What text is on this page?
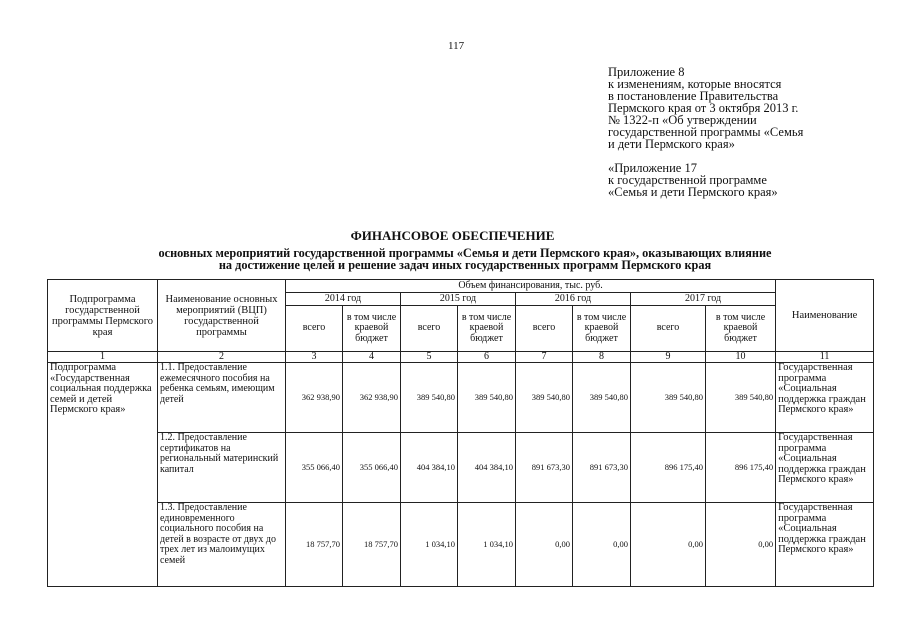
117
Приложение 8
к изменениям, которые вносятся
в постановление Правительства
Пермского края от 3 октября 2013 г.
№ 1322-п «Об утверждении
государственной программы «Семья
и дети Пермского края»
«Приложение 17
к государственной программе
«Семья и дети Пермского края»
ФИНАНСОВОЕ ОБЕСПЕЧЕНИЕ
основных мероприятий государственной программы «Семья и дети Пермского края», оказывающих влияние
на достижение целей и решение задач иных государственных программ Пермского края
Подпрограмма государственной программы Пермского края	Наименование основных мероприятий (ВЦП) государственной программы	Объем финансирования, тыс. руб.								Наименование
		2014 год		2015 год		2016 год		2017 год		
		всего	в том числе краевой бюджет	всего	в том числе краевой бюджет	всего	в том числе краевой бюджет	всего	в том числе краевой бюджет	
1	2	3	4	5	6	7	8	9	10	11
Подпрограмма «Государственная социальная поддержка семей и детей Пермского края»	1.1. Предоставление ежемесячного пособия на ребенка семьям, имеющим детей	362 938,90	362 938,90	389 540,80	389 540,80	389 540,80	389 540,80	389 540,80	389 540,80	Государственная программа «Социальная поддержка граждан Пермского края»
	1.2. Предоставление сертификатов на региональный материнский капитал	355 066,40	355 066,40	404 384,10	404 384,10	891 673,30	891 673,30	896 175,40	896 175,40	Государственная программа «Социальная поддержка граждан Пермского края»
	1.3. Предоставление единовременного социального пособия на детей в возрасте от двух до трех лет из малоимущих семей	18 757,70	18 757,70	1 034,10	1 034,10	0,00	0,00	0,00	0,00	Государственная программа «Социальная поддержка граждан Пермского края»
